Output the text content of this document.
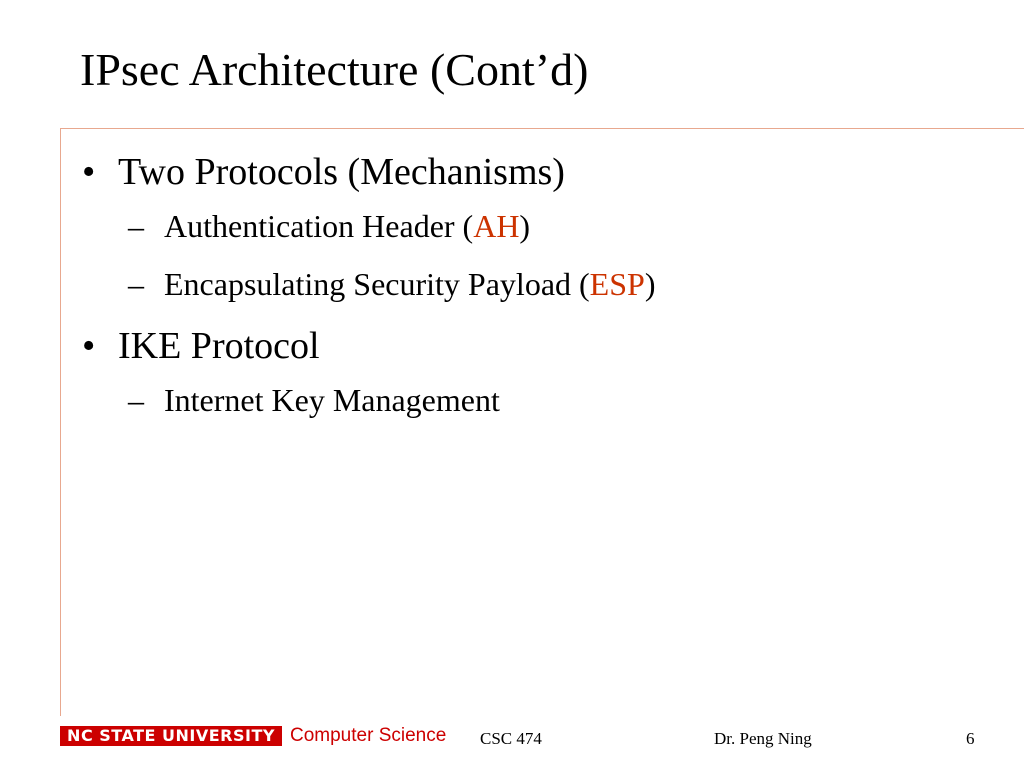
IPsec Architecture (Cont’d)
• Two Protocols (Mechanisms)
– Authentication Header (AH)
– Encapsulating Security Payload (ESP)
• IKE Protocol
– Internet Key Management
NC STATE UNIVERSITY Computer Science CSC 474	Dr. Peng Ning	6
